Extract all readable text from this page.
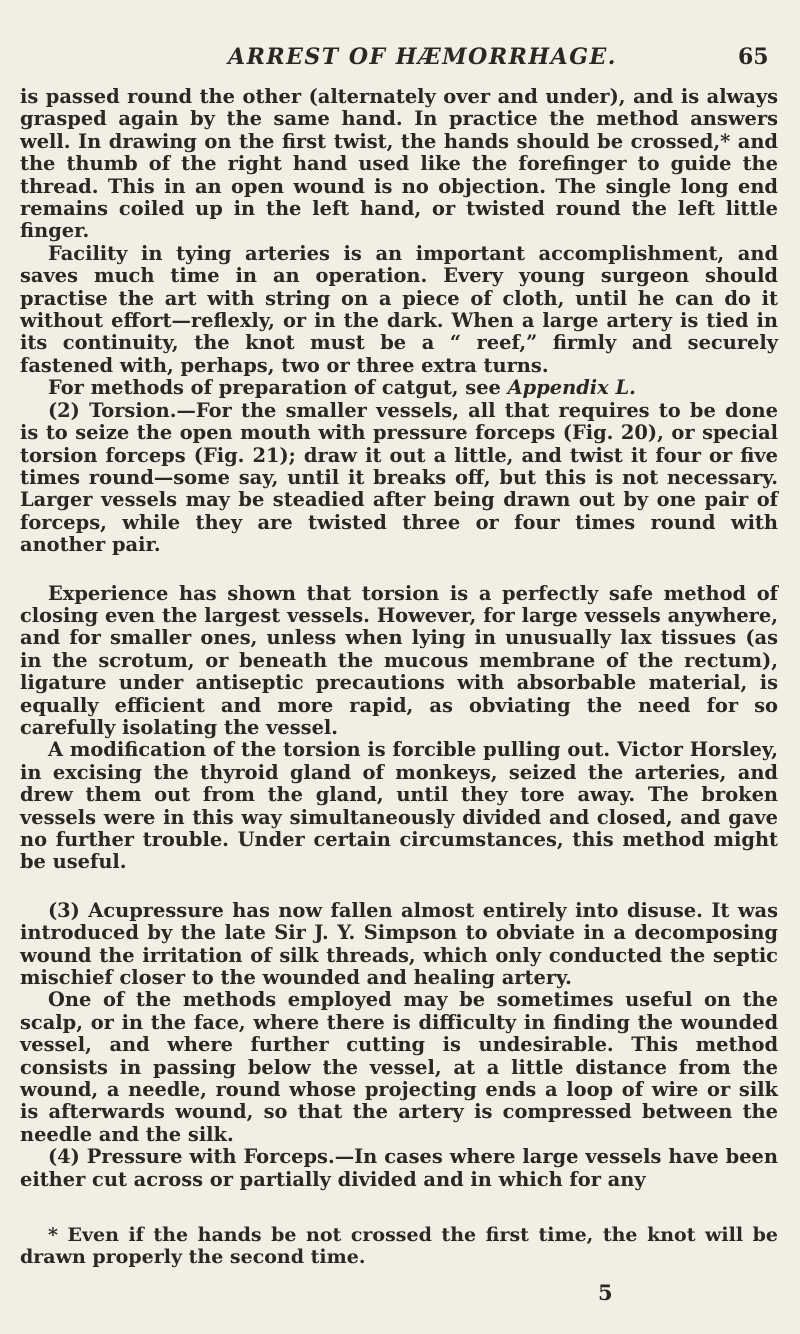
ARREST OF HÆMORRHAGE.	65

is passed round the other (alternately over and under), and is always grasped again by the same hand. In practice the method answers well. In drawing on the first twist, the hands should be crossed,* and the thumb of the right hand used like the forefinger to guide the thread. This in an open wound is no objection. The single long end remains coiled up in the left hand, or twisted round the left little finger.

Facility in tying arteries is an important accomplishment, and saves much time in an operation. Every young surgeon should practise the art with string on a piece of cloth, until he can do it without effort—reflexly, or in the dark. When a large artery is tied in its continuity, the knot must be a “ reef,” firmly and securely fastened with, perhaps, two or three extra turns.

For methods of preparation of catgut, see Appendix L.

(2) Torsion.—For the smaller vessels, all that requires to be done is to seize the open mouth with pressure forceps (Fig. 20), or special torsion forceps (Fig. 21); draw it out a little, and twist it four or five times round—some say, until it breaks off, but this is not necessary. Larger vessels may be steadied after being drawn out by one pair of forceps, while they are twisted three or four times round with another pair.

Experience has shown that torsion is a perfectly safe method of closing even the largest vessels. However, for large vessels anywhere, and for smaller ones, unless when lying in unusually lax tissues (as in the scrotum, or beneath the mucous membrane of the rectum), ligature under antiseptic precautions with absorbable material, is equally efficient and more rapid, as obviating the need for so carefully isolating the vessel.

A modification of the torsion is forcible pulling out. Victor Horsley, in excising the thyroid gland of monkeys, seized the arteries, and drew them out from the gland, until they tore away. The broken vessels were in this way simultaneously divided and closed, and gave no further trouble. Under certain circumstances, this method might be useful.

(3) Acupressure has now fallen almost entirely into disuse. It was introduced by the late Sir J. Y. Simpson to obviate in a decomposing wound the irritation of silk threads, which only conducted the septic mischief closer to the wounded and healing artery.

One of the methods employed may be sometimes useful on the scalp, or in the face, where there is difficulty in finding the wounded vessel, and where further cutting is undesirable. This method consists in passing below the vessel, at a little distance from the wound, a needle, round whose projecting ends a loop of wire or silk is afterwards wound, so that the artery is compressed between the needle and the silk.

(4) Pressure with Forceps.—In cases where large vessels have been either cut across or partially divided and in which for any

* Even if the hands be not crossed the first time, the knot will be drawn properly the second time.

5
